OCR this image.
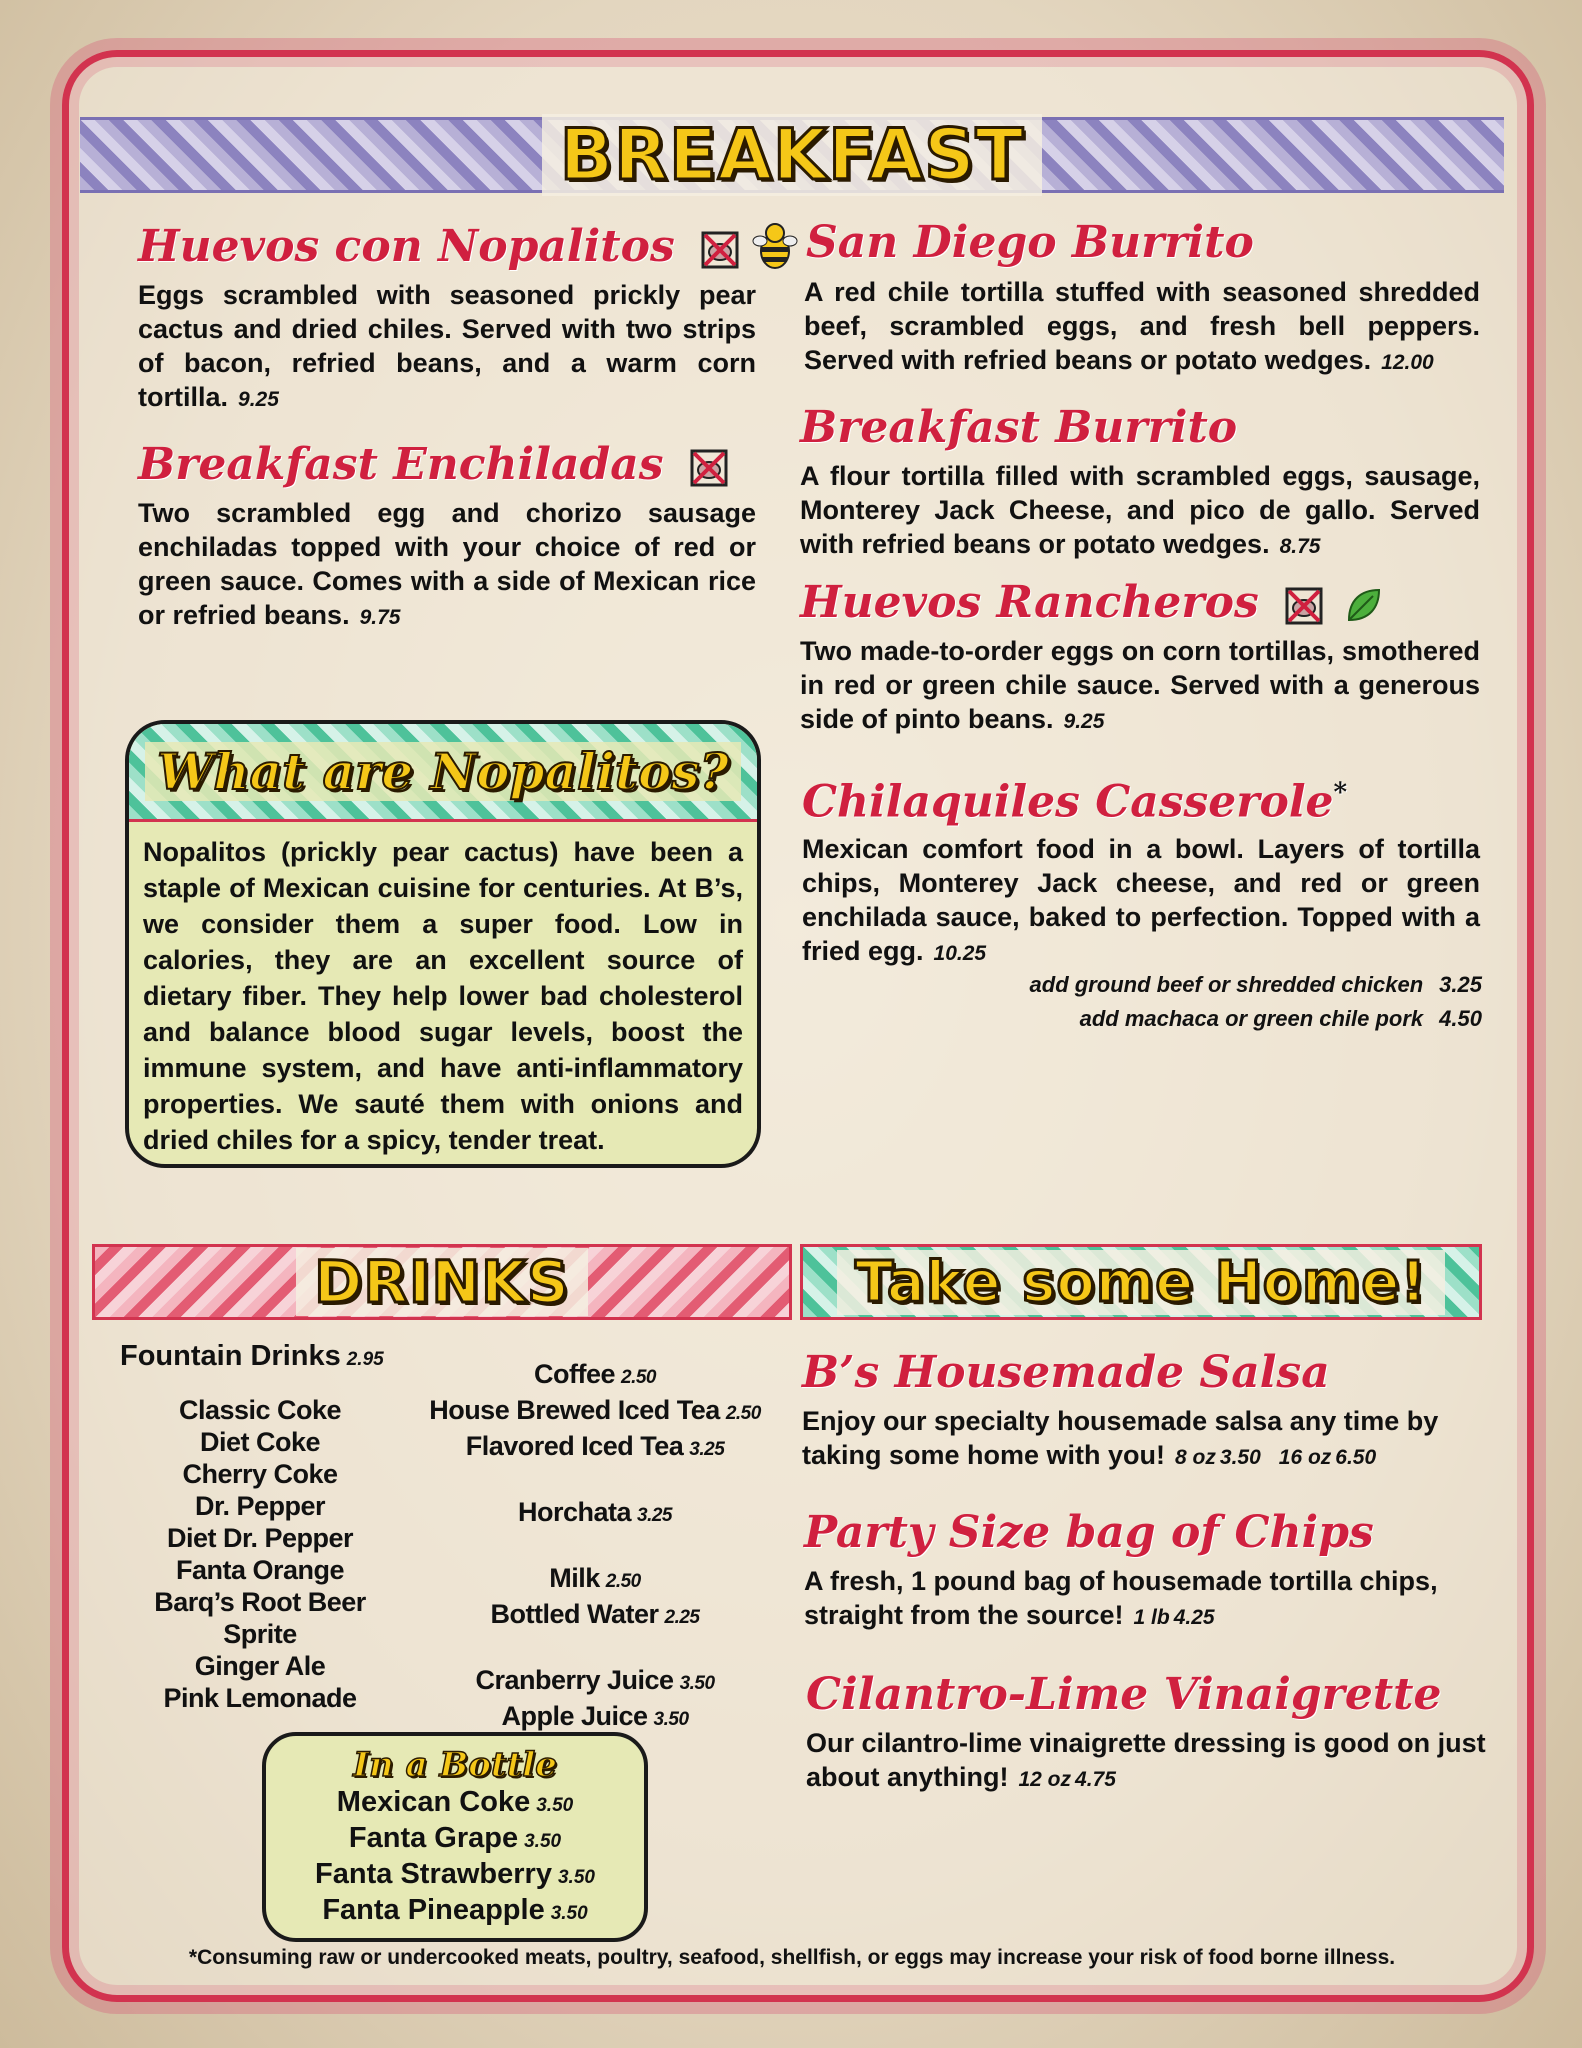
BREAKFAST
Huevos con Nopalitos
Eggs scrambled with seasoned prickly pear cactus and dried chiles. Served with two strips of bacon, refried beans, and a warm corn tortilla. 9.25
Breakfast Enchiladas
Two scrambled egg and chorizo sausage enchiladas topped with your choice of red or green sauce. Comes with a side of Mexican rice or refried beans. 9.75
What are Nopalitos?
Nopalitos (prickly pear cactus) have been a staple of Mexican cuisine for centuries. At B’s, we consider them a super food. Low in calories, they are an excellent source of dietary fiber. They help lower bad cholesterol and balance blood sugar levels, boost the immune system, and have anti-inflammatory properties. We sauté them with onions and dried chiles for a spicy, tender treat.
San Diego Burrito
A red chile tortilla stuffed with seasoned shredded beef, scrambled eggs, and fresh bell peppers. Served with refried beans or potato wedges. 12.00
Breakfast Burrito
A flour tortilla filled with scrambled eggs, sausage, Monterey Jack Cheese, and pico de gallo. Served with refried beans or potato wedges. 8.75
Huevos Rancheros
Two made-to-order eggs on corn tortillas, smothered in red or green chile sauce. Served with a generous side of pinto beans. 9.25
Chilaquiles Casserole*
Mexican comfort food in a bowl. Layers of tortilla chips, Monterey Jack cheese, and red or green enchilada sauce, baked to perfection. Topped with a fried egg. 10.25
add ground beef or shredded chicken 3.25
add machaca or green chile pork 4.50
DRINKS
Fountain Drinks 2.95
Classic Coke
Diet Coke
Cherry Coke
Dr. Pepper
Diet Dr. Pepper
Fanta Orange
Barq’s Root Beer
Sprite
Ginger Ale
Pink Lemonade
Coffee 2.50
House Brewed Iced Tea 2.50
Flavored Iced Tea 3.25
Horchata 3.25
Milk 2.50
Bottled Water 2.25
Cranberry Juice 3.50
Apple Juice 3.50
In a Bottle
Mexican Coke 3.50
Fanta Grape 3.50
Fanta Strawberry 3.50
Fanta Pineapple 3.50
Take some Home!
B’s Housemade Salsa
Enjoy our specialty housemade salsa any time by taking some home with you! 8 oz 3.50 16 oz 6.50
Party Size bag of Chips
A fresh, 1 pound bag of housemade tortilla chips, straight from the source! 1 lb 4.25
Cilantro-Lime Vinaigrette
Our cilantro-lime vinaigrette dressing is good on just about anything! 12 oz 4.75
*Consuming raw or undercooked meats, poultry, seafood, shellfish, or eggs may increase your risk of food borne illness.
